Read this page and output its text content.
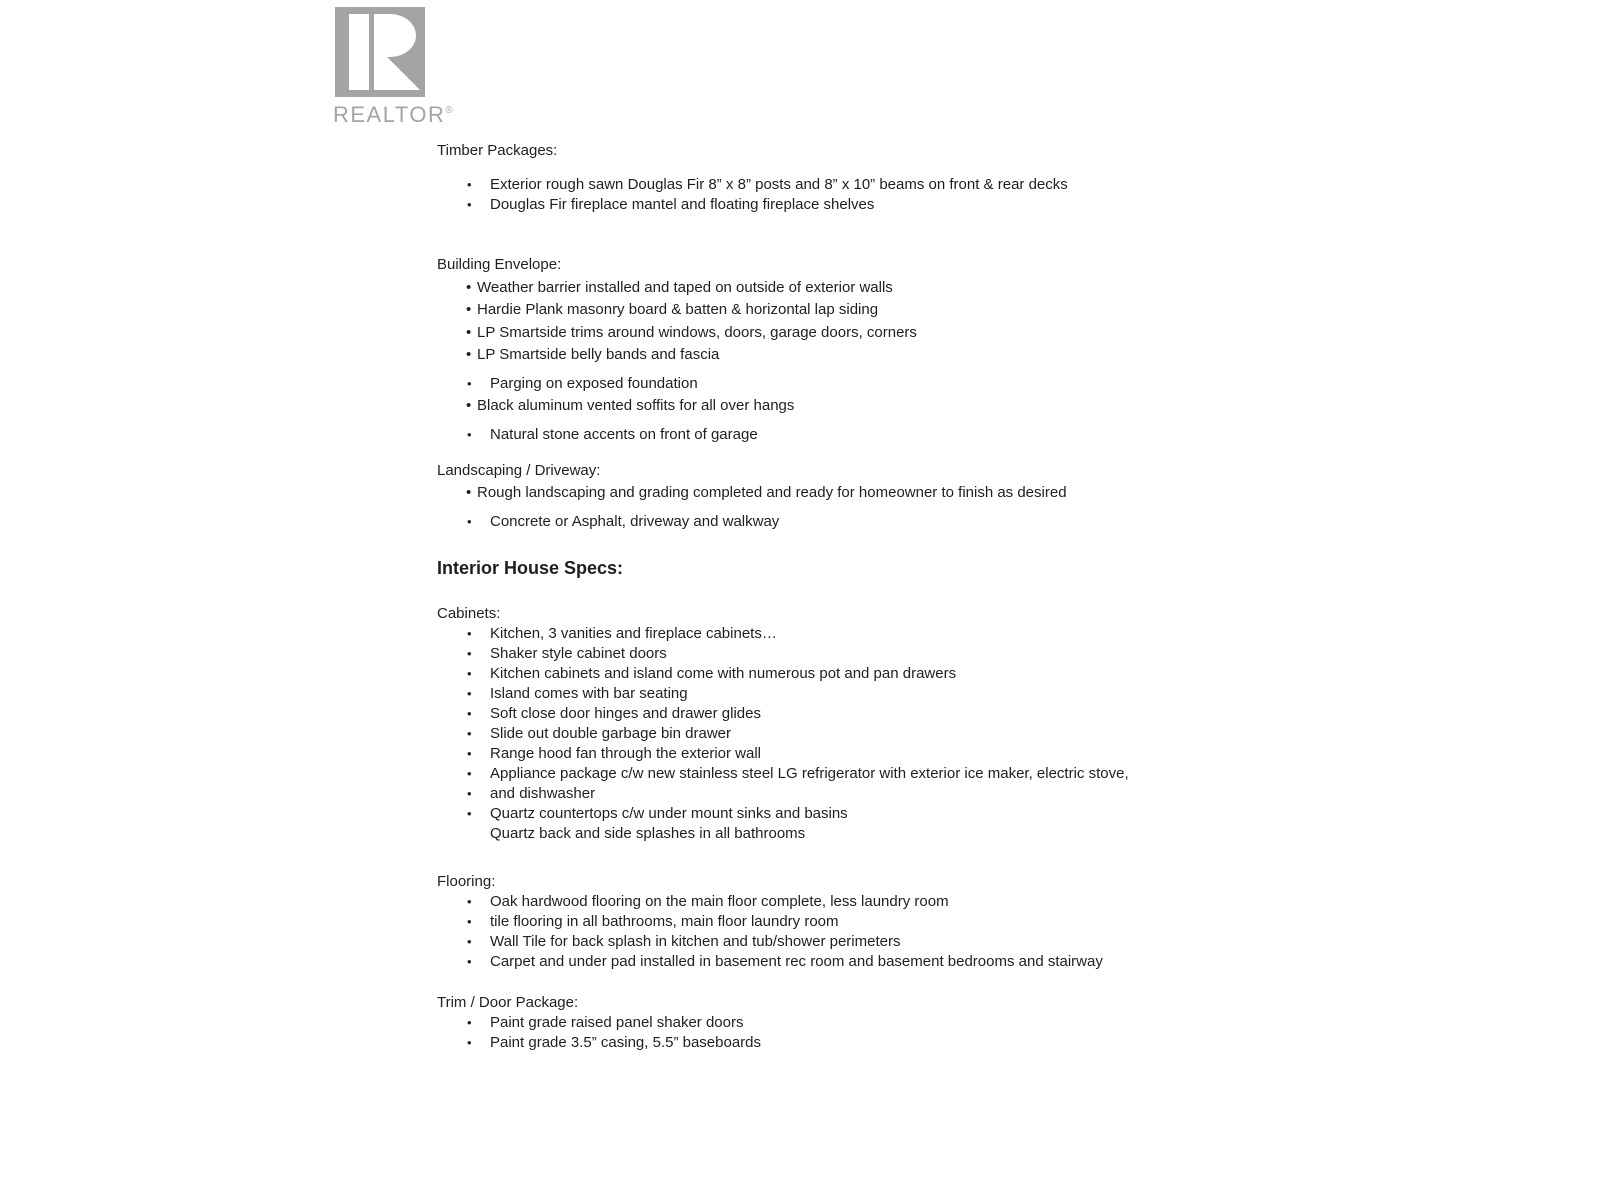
REALTOR®
Timber Packages:
• Exterior rough sawn Douglas Fir 8” x 8” posts and 8” x 10” beams on front & rear decks
• Douglas Fir fireplace mantel and floating fireplace shelves
Building Envelope:
• Weather barrier installed and taped on outside of exterior walls
• Hardie Plank masonry board & batten & horizontal lap siding
• LP Smartside trims around windows, doors, garage doors, corners
• LP Smartside belly bands and fascia
• Parging on exposed foundation
• Black aluminum vented soffits for all over hangs
• Natural stone accents on front of garage
Landscaping / Driveway:
• Rough landscaping and grading completed and ready for homeowner to finish as desired
• Concrete or Asphalt, driveway and walkway
Interior House Specs:
Cabinets:
• Kitchen, 3 vanities and fireplace cabinets…
• Shaker style cabinet doors
• Kitchen cabinets and island come with numerous pot and pan drawers
• Island comes with bar seating
• Soft close door hinges and drawer glides
• Slide out double garbage bin drawer
• Range hood fan through the exterior wall
• Appliance package c/w new stainless steel LG refrigerator with exterior ice maker, electric stove,
• and dishwasher
• Quartz countertops c/w under mount sinks and basins
Quartz back and side splashes in all bathrooms
Flooring:
• Oak hardwood flooring on the main floor complete, less laundry room
• tile flooring in all bathrooms, main floor laundry room
• Wall Tile for back splash in kitchen and tub/shower perimeters
• Carpet and under pad installed in basement rec room and basement bedrooms and stairway
Trim / Door Package:
• Paint grade raised panel shaker doors
• Paint grade 3.5” casing, 5.5” baseboards
